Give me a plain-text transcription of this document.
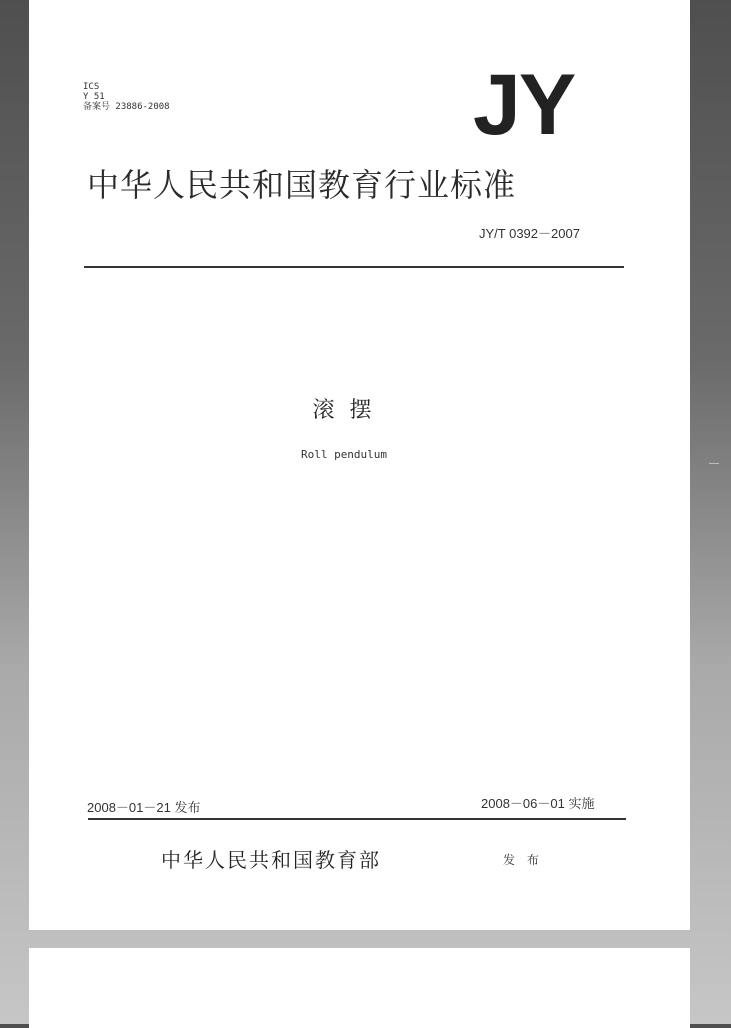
ICS
Y 51
备案号 23886-2008	JY
中华人民共和国教育行业标准
JY/T 0392－2007
滚 摆
Roll pendulum
2008－01－21 发布	2008－06－01 实施
中华人民共和国教育部	发 布
